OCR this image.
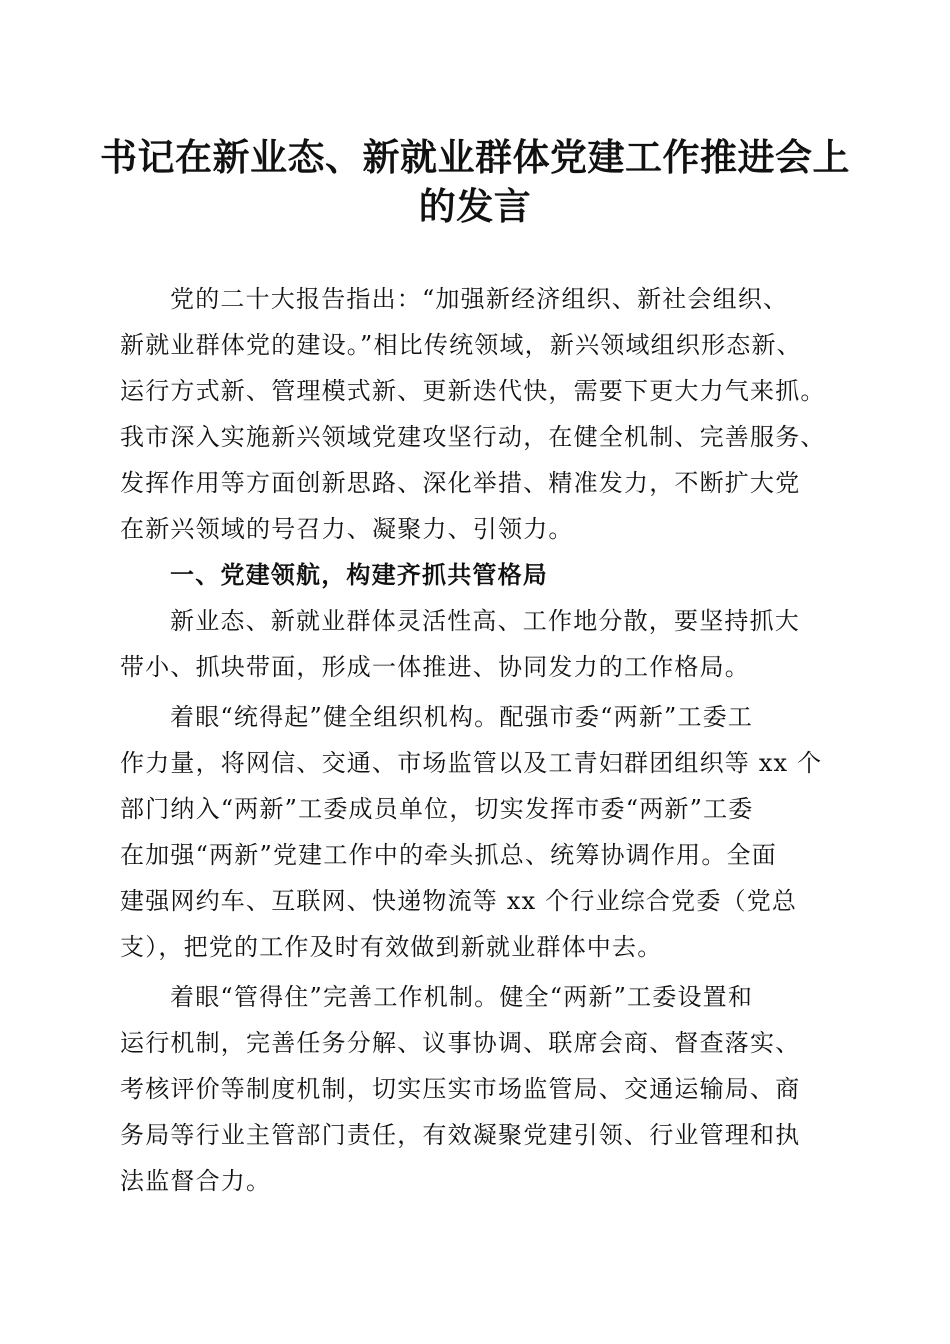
书记在新业态、新就业群体党建工作推进会上
的发言
党的二十大报告指出：“加强新经济组织、新社会组织、
新就业群体党的建设。”相比传统领域，新兴领域组织形态新、
运行方式新、管理模式新、更新迭代快，需要下更大力气来抓。
我市深入实施新兴领域党建攻坚行动，在健全机制、完善服务、
发挥作用等方面创新思路、深化举措、精准发力，不断扩大党
在新兴领域的号召力、凝聚力、引领力。
一、党建领航，构建齐抓共管格局
新业态、新就业群体灵活性高、工作地分散，要坚持抓大
带小、抓块带面，形成一体推进、协同发力的工作格局。
着眼“统得起”健全组织机构。配强市委“两新”工委工
作力量，将网信、交通、市场监管以及工青妇群团组织等 xx 个
部门纳入“两新”工委成员单位，切实发挥市委“两新”工委
在加强“两新”党建工作中的牵头抓总、统筹协调作用。全面
建强网约车、互联网、快递物流等 xx 个行业综合党委（党总
支），把党的工作及时有效做到新就业群体中去。
着眼“管得住”完善工作机制。健全“两新”工委设置和
运行机制，完善任务分解、议事协调、联席会商、督查落实、
考核评价等制度机制，切实压实市场监管局、交通运输局、商
务局等行业主管部门责任，有效凝聚党建引领、行业管理和执
法监督合力。
